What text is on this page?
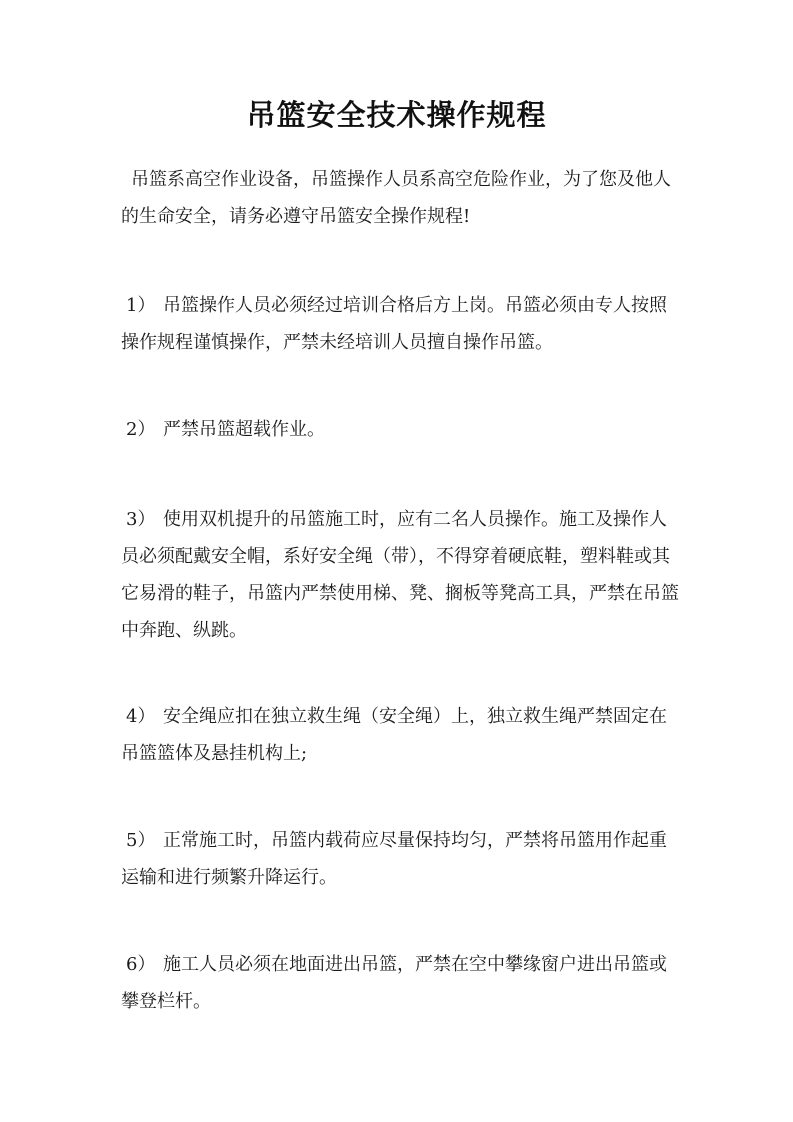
吊篮安全技术操作规程

吊篮系高空作业设备，吊篮操作人员系高空危险作业，为了您及他人的生命安全，请务必遵守吊篮安全操作规程!

1） 吊篮操作人员必须经过培训合格后方上岗。吊篮必须由专人按照操作规程谨慎操作，严禁未经培训人员擅自操作吊篮。

2） 严禁吊篮超载作业。

3） 使用双机提升的吊篮施工时，应有二名人员操作。施工及操作人员必须配戴安全帽，系好安全绳（带），不得穿着硬底鞋，塑料鞋或其它易滑的鞋子，吊篮内严禁使用梯、凳、搁板等凳高工具，严禁在吊篮中奔跑、纵跳。

4） 安全绳应扣在独立救生绳（安全绳）上，独立救生绳严禁固定在吊篮篮体及悬挂机构上;

5） 正常施工时，吊篮内载荷应尽量保持均匀，严禁将吊篮用作起重运输和进行频繁升降运行。

6） 施工人员必须在地面进出吊篮，严禁在空中攀缘窗户进出吊篮或攀登栏杆。
